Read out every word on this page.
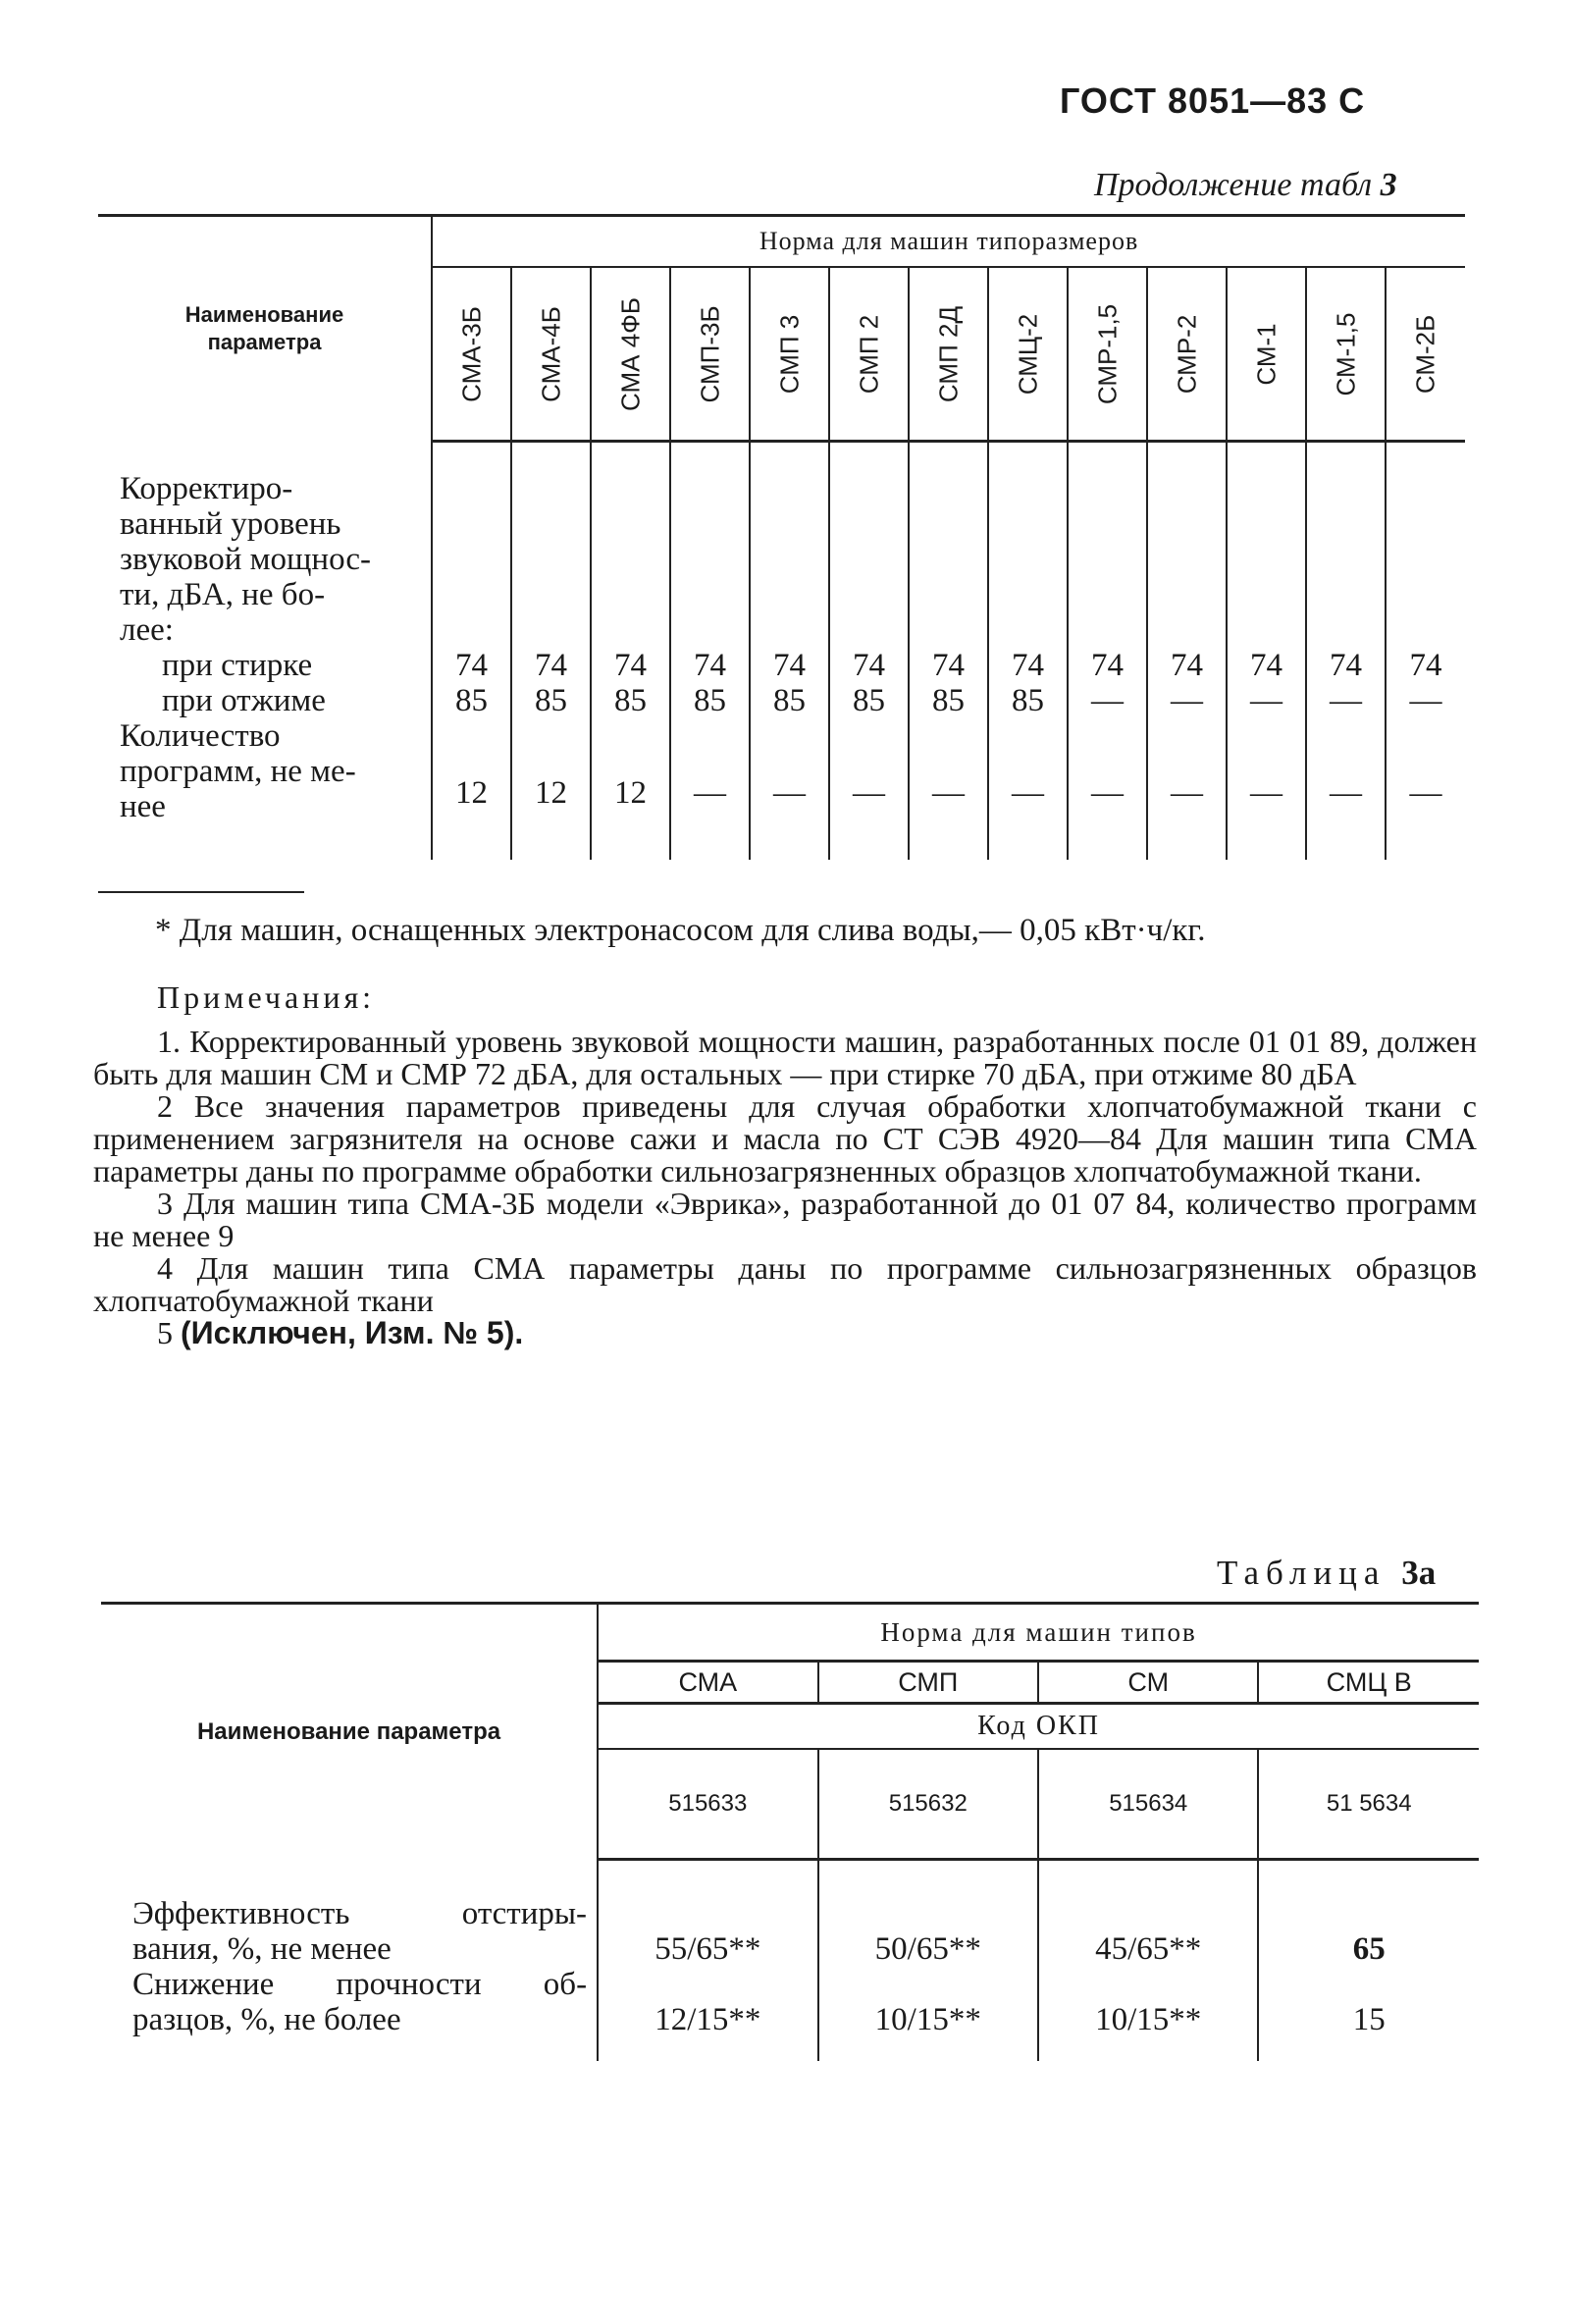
ГОСТ 8051—83 С
Продолжение табл 3
Наименование параметра	Норма для машин типоразмеров												

	СМА-3Б	СМА-4Б	СМА 4ФБ	СМП-3Б	СМП 3	СМП 2	СМП 2Д	СМЦ-2	СМР-1,5	СМР-2	СМ-1	СМ-1,5	СМ-2Б

Корректиро-
ванный уровень
звуковой мощнос-
ти, дБА, не бо-
лее:													

при стирке	74	74	74	74	74	74	74	74	74	74	74	74	74
при отжиме	85	85	85	85	85	85	85	85	—	—	—	—	—

Количество
программ, не ме-
нее													

	12	12	12	—	—	—	—	—	—	—	—	—	—
* Для машин, оснащенных электронасосом для слива воды,— 0,05 кВт·ч/кг.
Примечания:

1. Корректированный уровень звуковой мощности машин, разработанных после 01 01 89, должен быть для машин СМ и СМР 72 дБА, для остальных — при стирке 70 дБА, при отжиме 80 дБА

2 Все значения параметров приведены для случая обработки хлопчатобумажной ткани с применением загрязнителя на основе сажи и масла по СТ СЭВ 4920—84 Для машин типа СМА параметры даны по программе обработки сильнозагрязненных образцов хлопчатобумажной ткани.

3 Для машин типа СМА-3Б модели «Эврика», разработанной до 01 07 84, количество программ не менее 9

4 Для машин типа СМА параметры даны по программе сильнозагрязненных образцов хлопчатобумажной ткани

5 (Исключен, Изм. № 5).

Таблица 3а
Наименование параметра	Норма для машин типов			
	СМА	СМП	СМ	СМЦ В
	Код ОКП			
	515633	515632	515634	51 5634

Эффективность отстиры-				

вания, %, не менее	55/65**	50/65**	45/65**	65

Снижение прочности об-				

разцов, %, не более	12/15**	10/15**	10/15**	15
